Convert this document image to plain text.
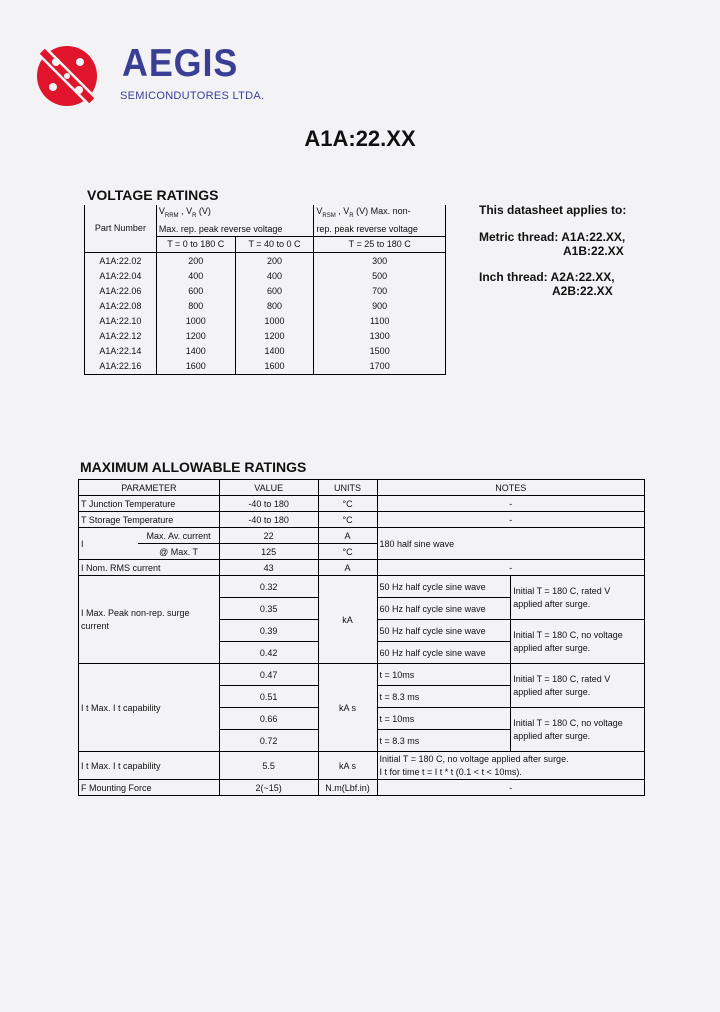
AEGIS
SEMICONDUTORES LTDA.
A1A:22.XX
VOLTAGE RATINGS
Part Number	$V_{RRM}$ , $V_R$ (V)
Max. rep. peak reverse voltage		$V_{RSM}$ , $V_R$ (V) Max. non-
rep. peak reverse voltage
	T = 0 to 180 C	T = 40 to 0 C	T = 25 to 180 C
A1A:22.02	200	200	300
A1A:22.04	400	400	500
A1A:22.06	600	600	700
A1A:22.08	800	800	900
A1A:22.10	1000	1000	1100
A1A:22.12	1200	1200	1300
A1A:22.14	1400	1400	1500
A1A:22.16	1600	1600	1700
This datasheet applies to:
Metric thread: A1A:22.XX,
A1B:22.XX
Inch thread: A2A:22.XX,
A2B:22.XX
MAXIMUM ALLOWABLE RATINGS
PARAMETER		VALUE	UNITS	NOTES	
T Junction Temperature		-40 to 180	°C	-	
T Storage Temperature		-40 to 180	°C	-	
I	Max. Av. current	22	A	180 half sine wave	
	@ Max. T	125	°C		
I Nom. RMS current		43	A	-	
I Max. Peak non-rep. surge current		0.32	kA	50 Hz half cycle sine wave	Initial T = 180 C, rated V
applied after surge.
		0.35		60 Hz half cycle sine wave	
		0.39		50 Hz half cycle sine wave	Initial T = 180 C, no voltage
applied after surge.
		0.42		60 Hz half cycle sine wave	
I t Max. I t capability		0.47	kA s	t = 10ms	Initial T = 180 C, rated V
applied after surge.
		0.51		t = 8.3 ms	
		0.66		t = 10ms	Initial T = 180 C, no voltage
applied after surge.
		0.72		t = 8.3 ms	
I t Max. I t capability		5.5	kA s	Initial T = 180 C, no voltage applied after surge.
I t for time t = I t * t (0.1 < t < 10ms).	
F Mounting Force		2(~15)	N.m(Lbf.in)	-	
